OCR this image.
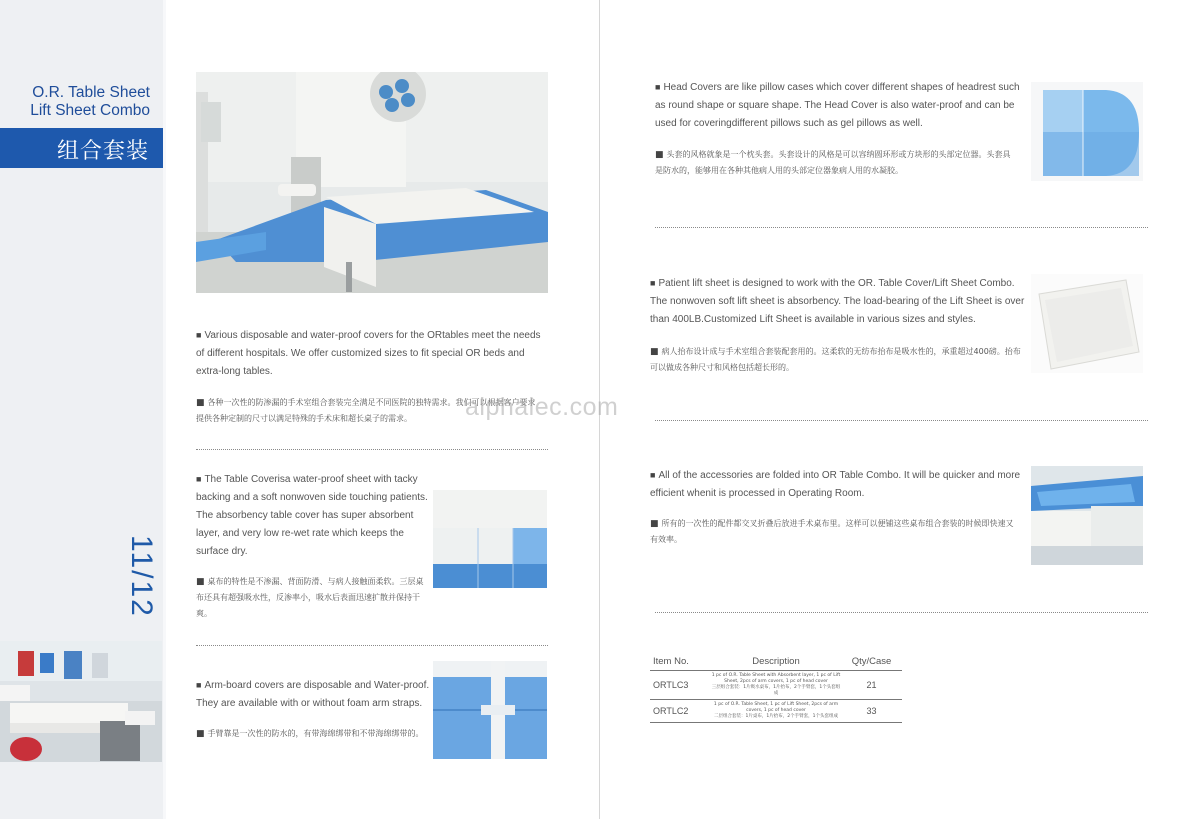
O.R. Table Sheet
Lift Sheet Combo
组合套装
11/12
■ Various disposable and water-proof covers for the ORtables meet the needs of different hospitals. We offer customized sizes to fit special OR beds and extra-long tables.
■ 各种一次性的防渗漏的手术室组合套装完全满足不同医院的独特需求。我们可以根据客户要求提供各种定制的尺寸以满足特殊的手术床和超长桌子的需求。
■ The Table Coverisa water-proof sheet with tacky backing and a soft nonwoven side touching patients. The absorbency table cover has super absorbent layer, and very low re-wet rate which keeps the surface dry.
■ 桌布的特性是不渗漏、背面防滑、与病人接触面柔软。三层桌布还具有超强吸水性，反渗率小，吸水后表面迅速扩散并保持干爽。
■ Arm-board covers are disposable and Water-proof. They are available with or without foam arm straps.
■ 手臂靠是一次性的防水的，有带海绵绑带和不带海绵绑带的。
alphalec.com
■ Head Covers are like pillow cases which cover different shapes of headrest such as round shape or square shape. The Head Cover is also water-proof and can be used for coveringdifferent pillows such as gel pillows as well.
■ 头套的风格就象是一个枕头套。头套设计的风格是可以容纳圆环形或方块形的头部定位器。头套具是防水的，能够用在各种其他病人用的头部定位器象病人用的水凝胶。
■ Patient lift sheet is designed to work with the OR. Table Cover/Lift Sheet Combo. The nonwoven soft lift sheet is absorbency. The load-bearing of the Lift Sheet is over than 400LB.Customized Lift Sheet is available in various sizes and styles.
■ 病人抬布设计成与手术室组合套装配套用的。这柔软的无纺布抬布是吸水性的，承重超过400磅。抬布可以做成各种尺寸和风格包括超长形的。
■ All of the accessories are folded into OR Table Combo. It will be quicker and more efficient whenit is processed in Operating Room.
■ 所有的一次性的配件都交叉折叠后放进手术桌布里。这样可以便铺这些桌布组合套装的时候即快速又有效率。
Item No.	Description	Qty/Case
ORTLC3	1 pc of O.R. Table Sheet with Absorbent layer, 1 pc of Lift Sheet, 2pcs of arm covers, 1 pc of head cover
三层组合套装：1片吸水桌布，1片抬布，2个手臂套，1个头套组成	21
ORTLC2	1 pc of O.R. Table Sheet, 1 pc of Lift Sheet, 2pcs of arm covers, 1 pc of head cover
二层组合套装：1片桌布，1片抬布，2个手臂套，1个头套组成	33
